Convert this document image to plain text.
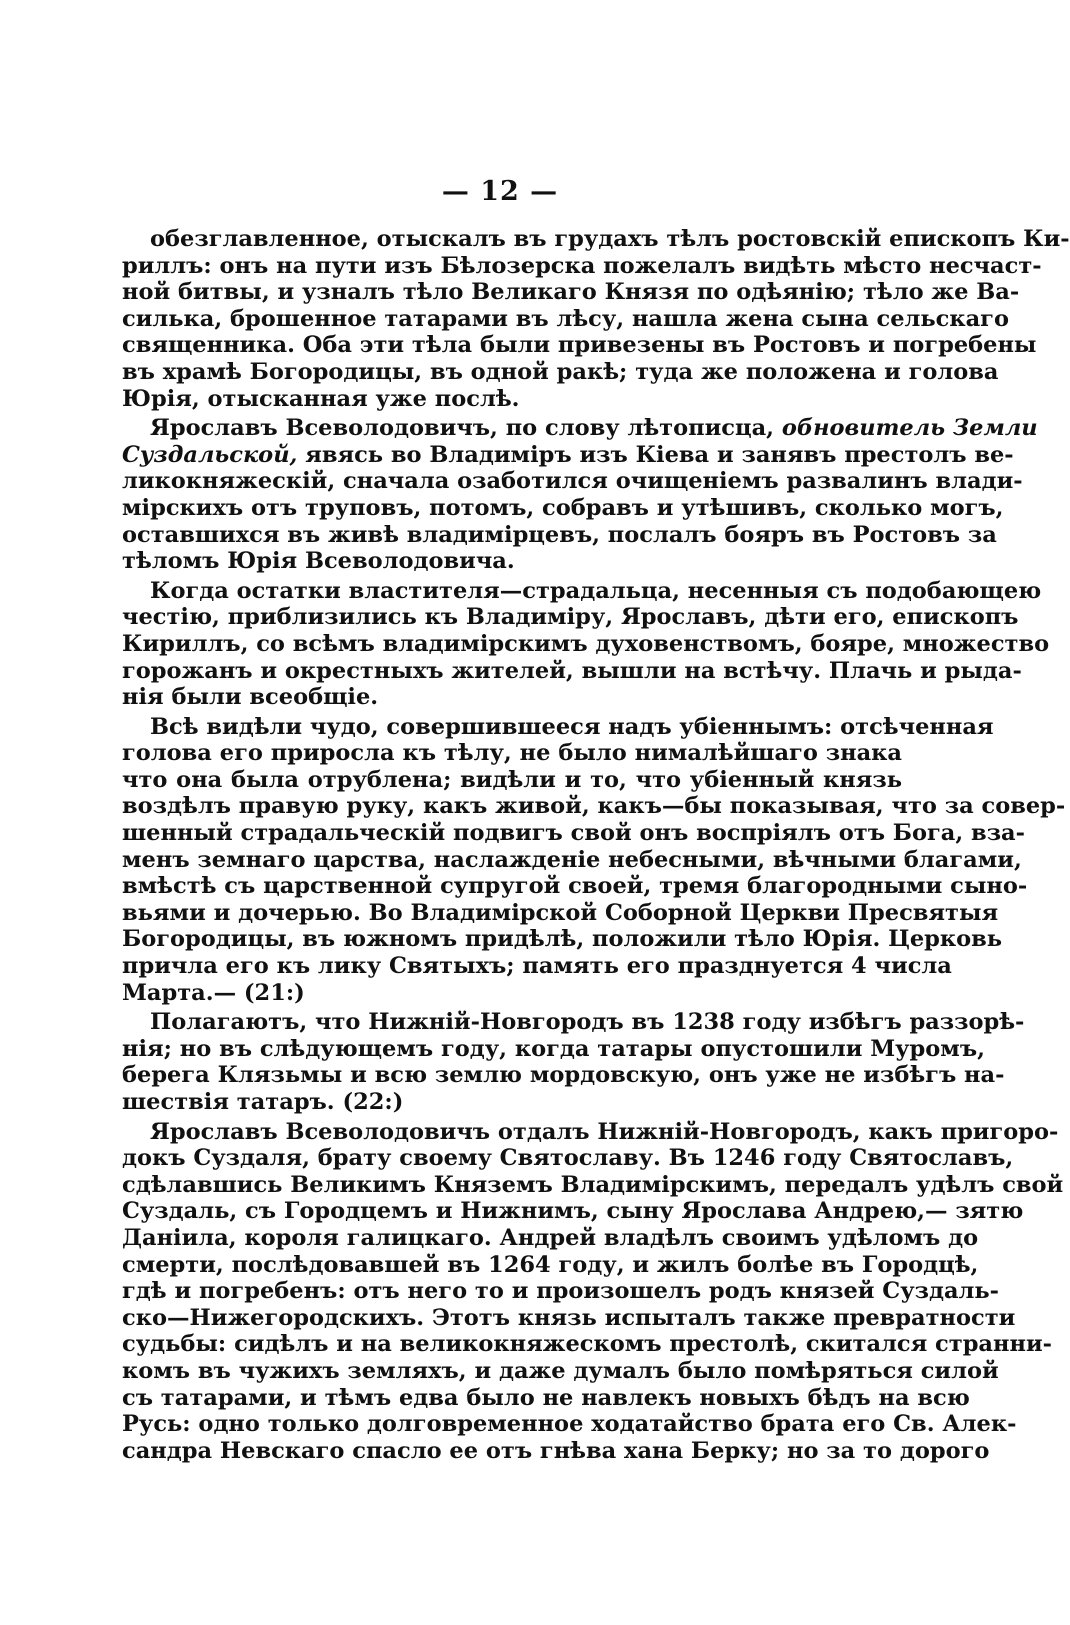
— 12 —
обезглавленное, отыскалъ въ грудахъ тѣлъ ростовскій епископъ Ки-
риллъ: онъ на пути изъ Бѣлозерска пожелалъ видѣть мѣсто несчаст-
ной битвы, и узналъ тѣло Великаго Князя по одѣянію; тѣло же Ва-
силька, брошенное татарами въ лѣсу, нашла жена сына сельскаго
священника. Оба эти тѣла были привезены въ Ростовъ и погребены
въ храмѣ Богородицы, въ одной ракѣ; туда же положена и голова
Юрія, отысканная уже послѣ.
Ярославъ Всеволодовичъ, по слову лѣтописца, обновитель Земли
Суздальской, явясь во Владиміръ изъ Кіева и занявъ престолъ ве-
ликокняжескій, сначала озаботился очищеніемъ развалинъ влади-
мірскихъ отъ труповъ, потомъ, собравъ и утѣшивъ, сколько могъ,
оставшихся въ живѣ владимірцевъ, послалъ бояръ въ Ростовъ за
тѣломъ Юрія Всеволодовича.
Когда остатки властителя—страдальца, несенныя съ подобающею
честію, приблизились къ Владиміру, Ярославъ, дѣти его, епископъ
Кириллъ, со всѣмъ владимірскимъ духовенствомъ, бояре, множество
горожанъ и окрестныхъ жителей, вышли на встѣчу. Плачь и рыда-
нія были всеобщіе.
Всѣ видѣли чудо, совершившееся надъ убіеннымъ: отсѣченная
голова его приросла къ тѣлу, не было нималѣйшаго знака
что она была отрублена; видѣли и то, что убіенный князь
воздѣлъ правую руку, какъ живой, какъ—бы показывая, что за совер-
шенный страдальческій подвигъ свой онъ воспріялъ отъ Бога, вза-
менъ земнаго царства, наслажденіе небесными, вѣчными благами,
вмѣстѣ съ царственной супругой своей, тремя благородными сыно-
вьями и дочерью. Во Владимірской Соборной Церкви Пресвятыя
Богородицы, въ южномъ придѣлѣ, положили тѣло Юрія. Церковь
причла его къ лику Святыхъ; память его празднуется 4 числа
Марта.— (21:)
Полагаютъ, что Нижній-Новгородъ въ 1238 году избѣгъ раззорѣ-
нія; но въ слѣдующемъ году, когда татары опустошили Муромъ,
берега Клязьмы и всю землю мордовскую, онъ уже не избѣгъ на-
шествія татаръ. (22:)
Ярославъ Всеволодовичъ отдалъ Нижній-Новгородъ, какъ пригоро-
докъ Суздаля, брату своему Святославу. Въ 1246 году Святославъ,
сдѣлавшись Великимъ Княземъ Владимірскимъ, передалъ удѣлъ свой
Суздаль, съ Городцемъ и Нижнимъ, сыну Ярослава Андрею,— зятю
Даніила, короля галицкаго. Андрей владѣлъ своимъ удѣломъ до
смерти, послѣдовавшей въ 1264 году, и жилъ болѣе въ Городцѣ,
гдѣ и погребенъ: отъ него то и произошелъ родъ князей Суздаль-
ско—Нижегородскихъ. Этотъ князь испыталъ также превратности
судьбы: сидѣлъ и на великокняжескомъ престолѣ, скитался странни-
комъ въ чужихъ земляхъ, и даже думалъ было помѣряться силой
съ татарами, и тѣмъ едва было не навлекъ новыхъ бѣдъ на всю
Русь: одно только долговременное ходатайство брата его Св. Алек-
сандра Невскаго спасло ее отъ гнѣва хана Берку; но за то дорого
